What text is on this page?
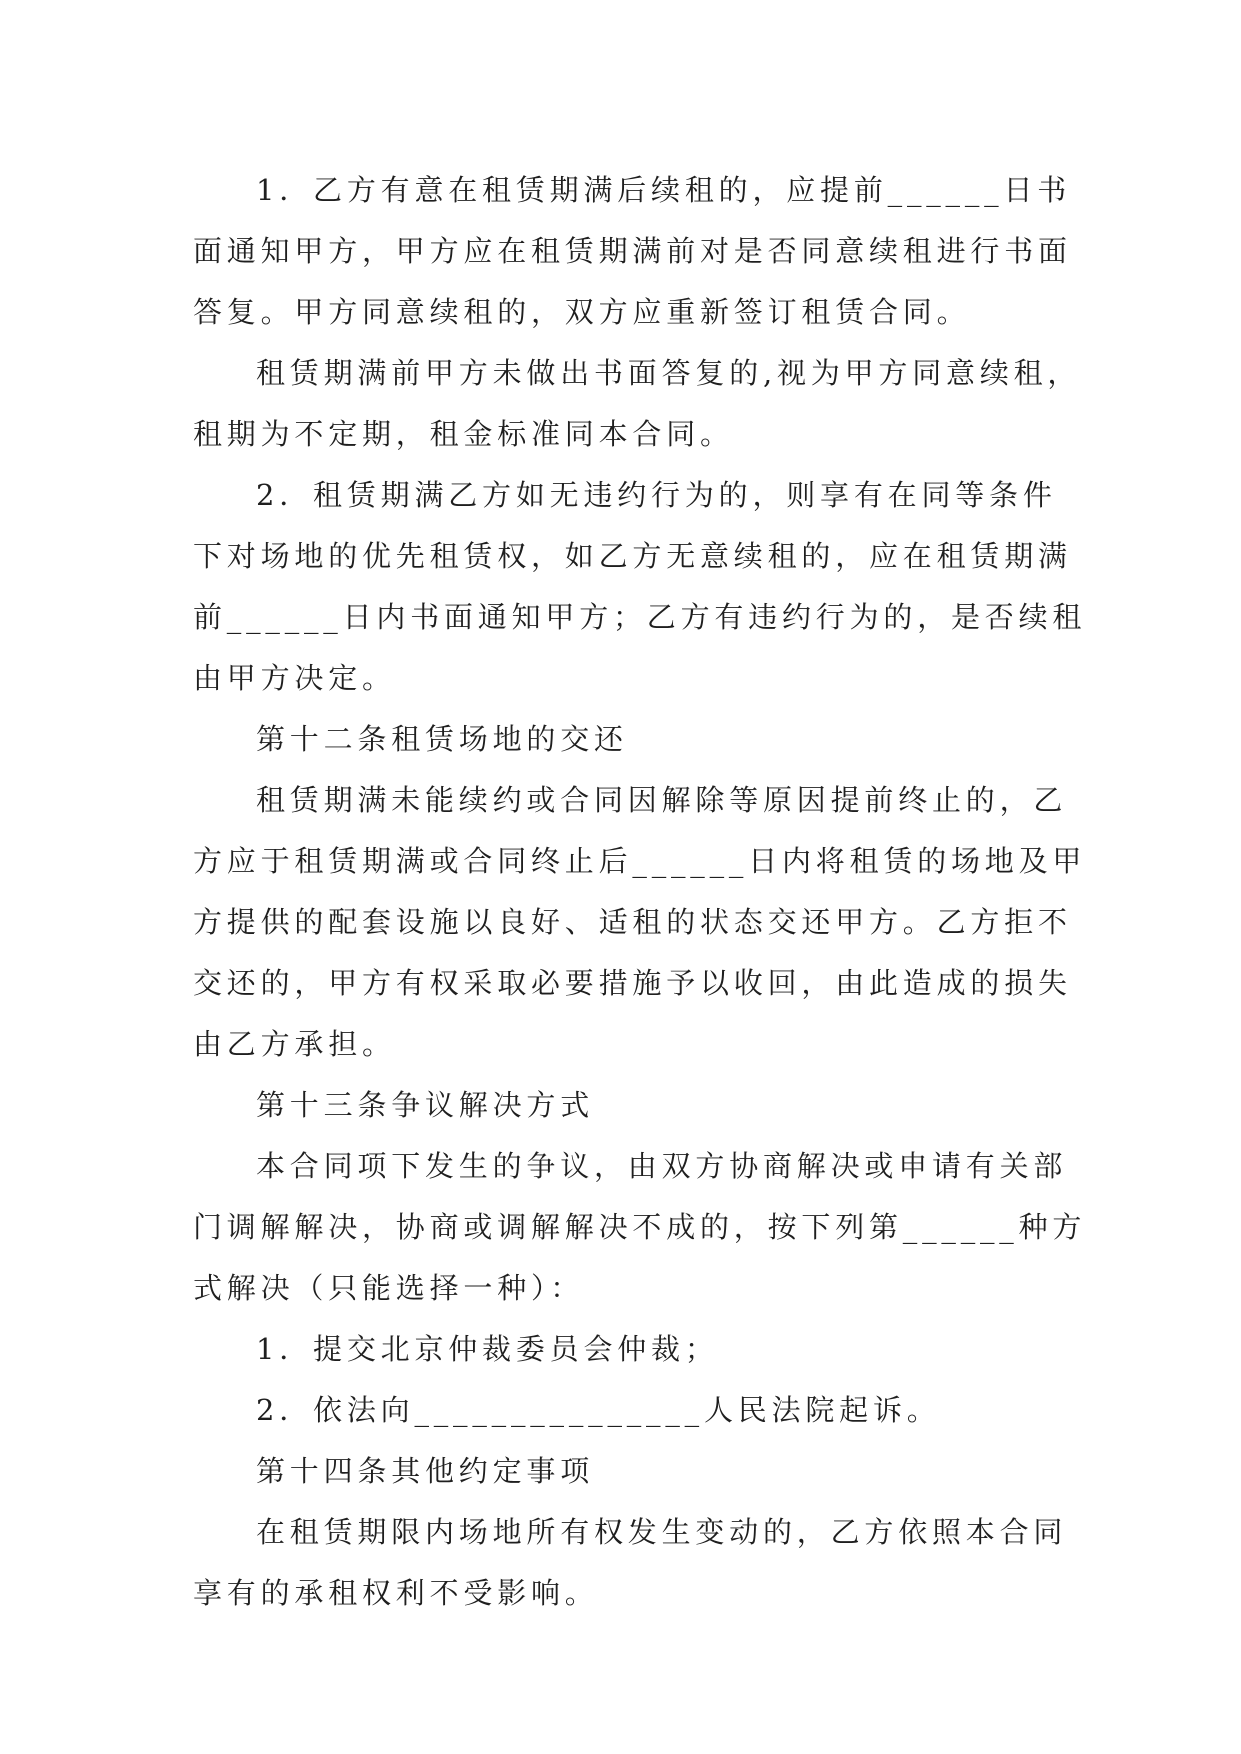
1．乙方有意在租赁期满后续租的，应提前______日书
面通知甲方，甲方应在租赁期满前对是否同意续租进行书面
答复。甲方同意续租的，双方应重新签订租赁合同。

租赁期满前甲方未做出书面答复的,视为甲方同意续租，
租期为不定期，租金标准同本合同。

2．租赁期满乙方如无违约行为的，则享有在同等条件
下对场地的优先租赁权，如乙方无意续租的，应在租赁期满
前______日内书面通知甲方；乙方有违约行为的，是否续租
由甲方决定。

第十二条租赁场地的交还

租赁期满未能续约或合同因解除等原因提前终止的，乙
方应于租赁期满或合同终止后______日内将租赁的场地及甲
方提供的配套设施以良好、适租的状态交还甲方。乙方拒不
交还的，甲方有权采取必要措施予以收回，由此造成的损失
由乙方承担。

第十三条争议解决方式

本合同项下发生的争议，由双方协商解决或申请有关部
门调解解决，协商或调解解决不成的，按下列第______种方
式解决（只能选择一种）：

1．提交北京仲裁委员会仲裁；

2．依法向_______________人民法院起诉。

第十四条其他约定事项

在租赁期限内场地所有权发生变动的，乙方依照本合同
享有的承租权利不受影响。
